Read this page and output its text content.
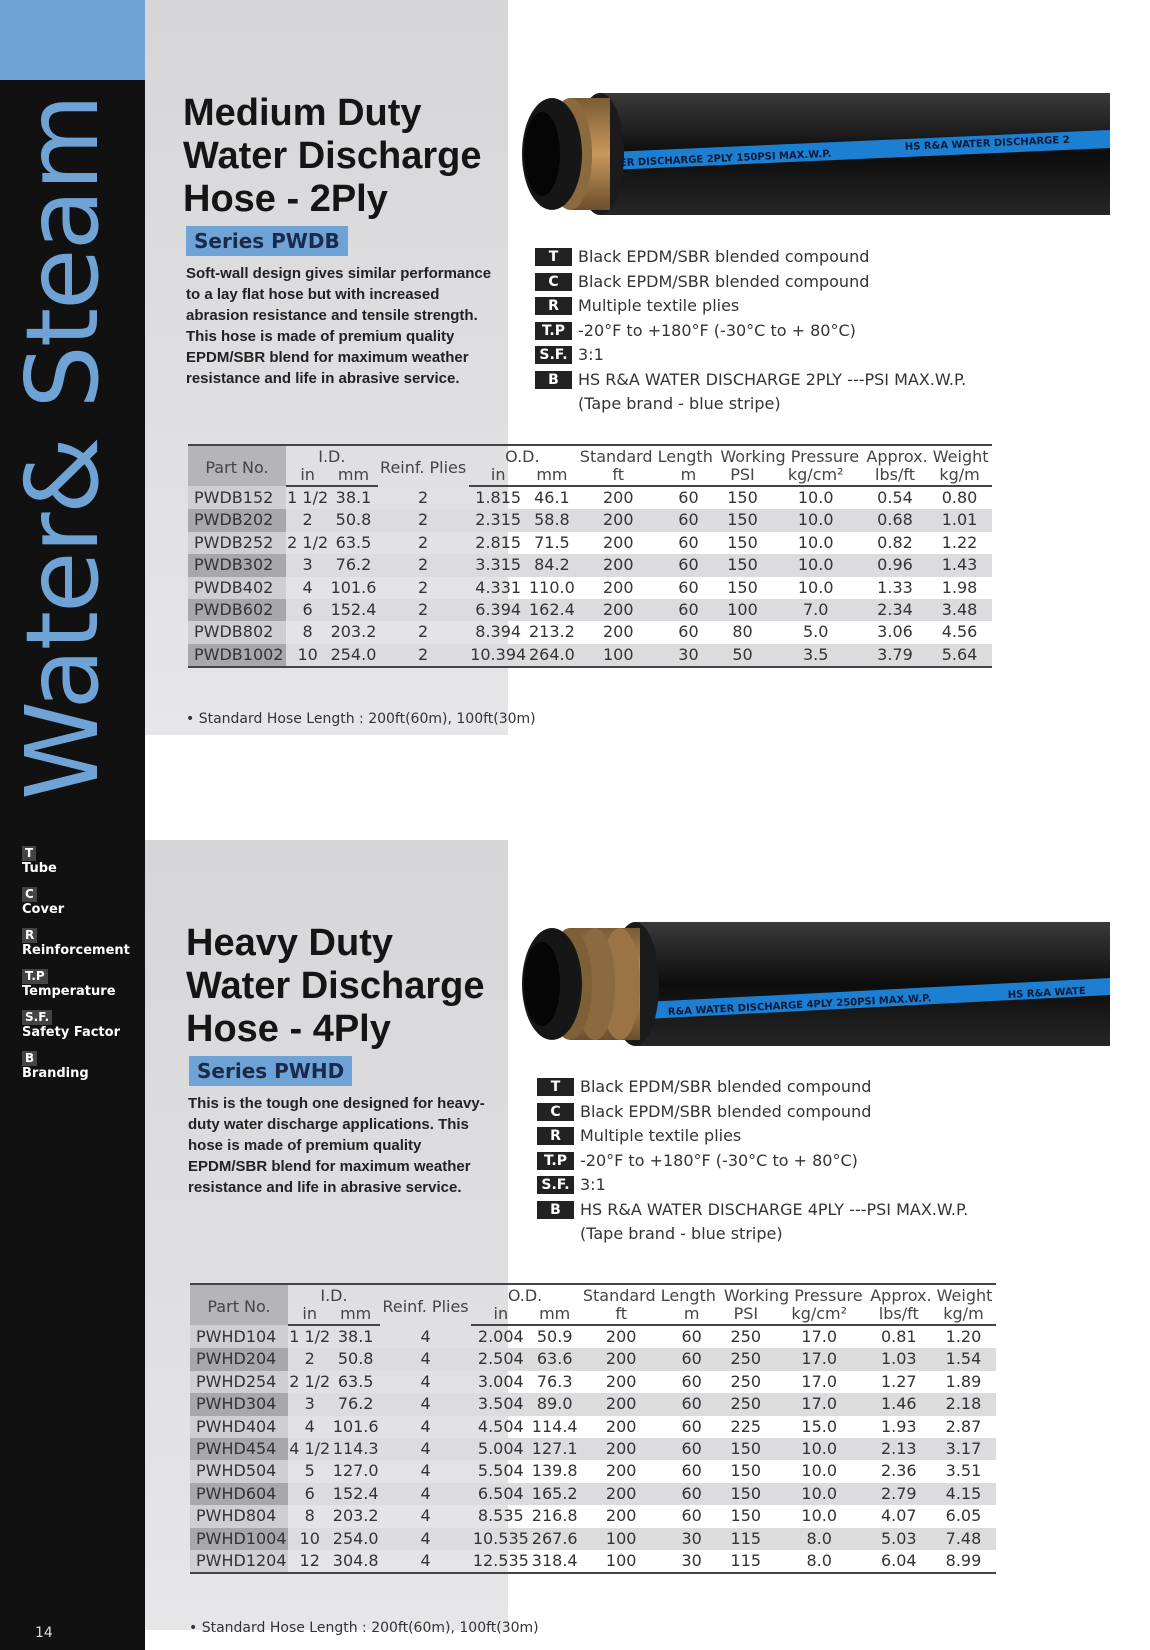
Water& Steam
T
Tube
C
Cover
R
Reinforcement
T.P
Temperature
S.F.
Safety Factor
B
Branding
14
Medium Duty
Water Discharge
Hose - 2Ply
Series PWDB
Soft-wall design gives similar performance to a lay flat hose but with increased abrasion resistance and tensile strength. This hose is made of premium quality EPDM/SBR blend for maximum weather resistance and life in abrasive service.
ER DISCHARGE 2PLY 150PSI MAX.W.P.
HS R&A WATER DISCHARGE 2
T	Black EPDM/SBR blended compound
C	Black EPDM/SBR blended compound
R	Multiple textile plies
T.P -20°F to +180°F (-30°C to + 80°C)
S.F. 3:1
B	HS R&A WATER DISCHARGE 2PLY ---PSI MAX.W.P.
(Tape brand - blue stripe)
Part No.	I.D.		Reinf. Plies	O.D.		Standard Length		Working Pressure		Approx. Weight	
	in	mm		in	mm	ft	m	PSI	kg/cm²	lbs/ft	kg/m
PWDB152	1 1/2	38.1	2	1.815	46.1	200	60	150	10.0	0.54	0.80
PWDB202	2	50.8	2	2.315	58.8	200	60	150	10.0	0.68	1.01
PWDB252	2 1/2	63.5	2	2.815	71.5	200	60	150	10.0	0.82	1.22
PWDB302	3	76.2	2	3.315	84.2	200	60	150	10.0	0.96	1.43
PWDB402	4	101.6	2	4.331	110.0	200	60	150	10.0	1.33	1.98
PWDB602	6	152.4	2	6.394	162.4	200	60	100	7.0	2.34	3.48
PWDB802	8	203.2	2	8.394	213.2	200	60	80	5.0	3.06	4.56
PWDB1002	10	254.0	2	10.394	264.0	100	30	50	3.5	3.79	5.64
• Standard Hose Length : 200ft(60m), 100ft(30m)
Heavy Duty
Water Discharge
Hose - 4Ply
Series PWHD
This is the tough one designed for heavy-duty water discharge applications. This hose is made of premium quality EPDM/SBR blend for maximum weather resistance and life in abrasive service.
R&A WATER DISCHARGE 4PLY 250PSI MAX.W.P.	HS R&A WATE
T	Black EPDM/SBR blended compound
C	Black EPDM/SBR blended compound
R	Multiple textile plies
T.P -20°F to +180°F (-30°C to + 80°C)
S.F. 3:1
B	HS R&A WATER DISCHARGE 4PLY ---PSI MAX.W.P.
(Tape brand - blue stripe)
Part No.	I.D.		Reinf. Plies	O.D.		Standard Length		Working Pressure		Approx. Weight	
	in	mm		in	mm	ft	m	PSI	kg/cm²	lbs/ft	kg/m
PWHD104	1 1/2	38.1	4	2.004	50.9	200	60	250	17.0	0.81	1.20
PWHD204	2	50.8	4	2.504	63.6	200	60	250	17.0	1.03	1.54
PWHD254	2 1/2	63.5	4	3.004	76.3	200	60	250	17.0	1.27	1.89
PWHD304	3	76.2	4	3.504	89.0	200	60	250	17.0	1.46	2.18
PWHD404	4	101.6	4	4.504	114.4	200	60	225	15.0	1.93	2.87
PWHD454	4 1/2	114.3	4	5.004	127.1	200	60	150	10.0	2.13	3.17
PWHD504	5	127.0	4	5.504	139.8	200	60	150	10.0	2.36	3.51
PWHD604	6	152.4	4	6.504	165.2	200	60	150	10.0	2.79	4.15
PWHD804	8	203.2	4	8.535	216.8	200	60	150	10.0	4.07	6.05
PWHD1004	10	254.0	4	10.535	267.6	100	30	115	8.0	5.03	7.48
PWHD1204	12	304.8	4	12.535	318.4	100	30	115	8.0	6.04	8.99
• Standard Hose Length : 200ft(60m), 100ft(30m)
